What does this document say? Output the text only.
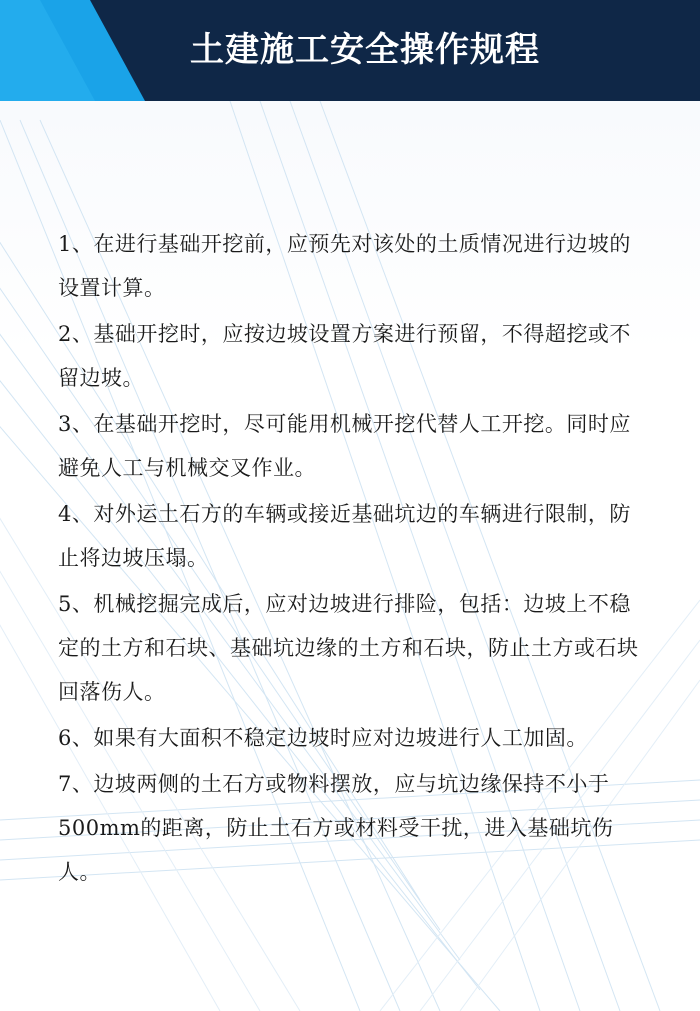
土建施工安全操作规程

1、在进行基础开挖前，应预先对该处的土质情况进行边坡的设置计算。

2、基础开挖时，应按边坡设置方案进行预留，不得超挖或不留边坡。

3、在基础开挖时，尽可能用机械开挖代替人工开挖。同时应避免人工与机械交叉作业。

4、对外运土石方的车辆或接近基础坑边的车辆进行限制，防止将边坡压塌。

5、机械挖掘完成后，应对边坡进行排险，包括：边坡上不稳定的土方和石块、基础坑边缘的土方和石块，防止土方或石块回落伤人。

6、如果有大面积不稳定边坡时应对边坡进行人工加固。

7、边坡两侧的土石方或物料摆放，应与坑边缘保持不小于500mm的距离，防止土石方或材料受干扰，进入基础坑伤人。
